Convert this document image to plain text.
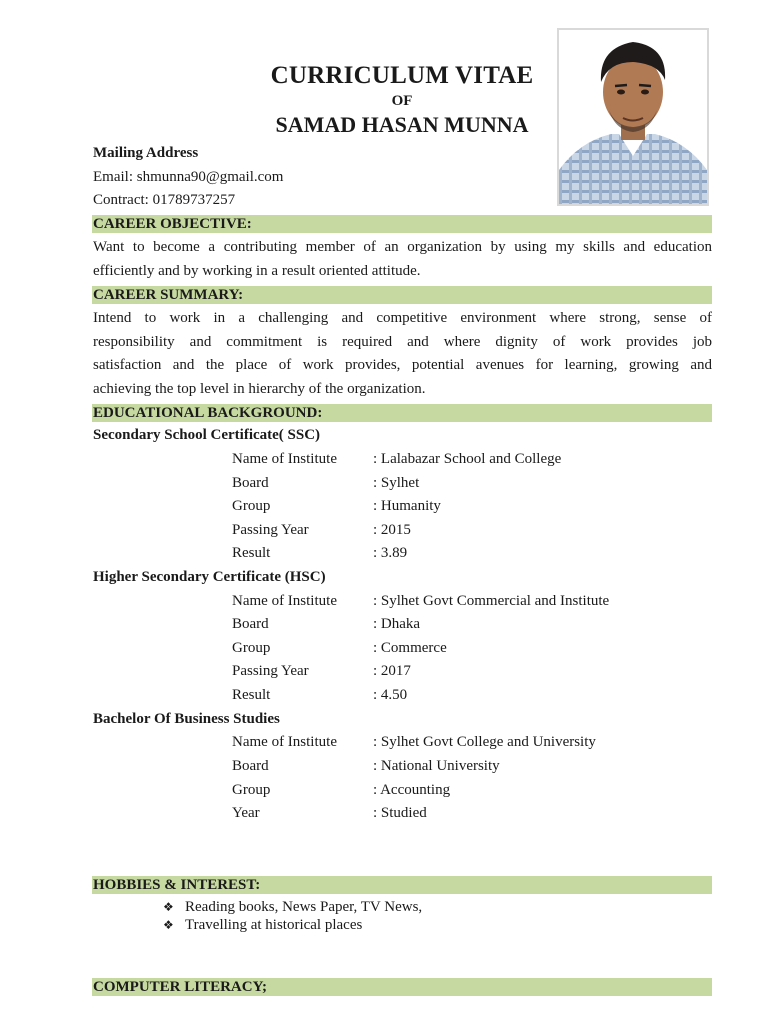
CURRICULUM VITAE
OF
SAMAD HASAN MUNNA
Mailing Address
Email: shmunna90@gmail.com
Contract: 01789737257
CAREER OBJECTIVE:
Want to become a contributing member of an organization by using my skills and education
efficiently and by working in a result oriented attitude.
CAREER SUMMARY:
Intend to work in a challenging and competitive environment where strong, sense of
responsibility and commitment is required and where dignity of work provides job
satisfaction and the place of work provides, potential avenues for learning, growing and
achieving the top level in hierarchy of the organization.
EDUCATIONAL BACKGROUND:
Secondary School Certificate( SSC)
Name of Institute : Lalabazar School and College
Board	: Sylhet
Group	: Humanity
Passing Year	: 2015
Result	: 3.89
Higher Secondary Certificate (HSC)
Name of Institute : Sylhet Govt Commercial and Institute
Board	: Dhaka
Group	: Commerce
Passing Year	: 2017
Result	: 4.50
Bachelor Of Business Studies
Name of Institute : Sylhet Govt College and University
Board	: National University
Group	: Accounting
Year	: Studied
HOBBIES & INTEREST:
❖ Reading books, News Paper, TV News,
❖ Travelling at historical places
COMPUTER LITERACY;
